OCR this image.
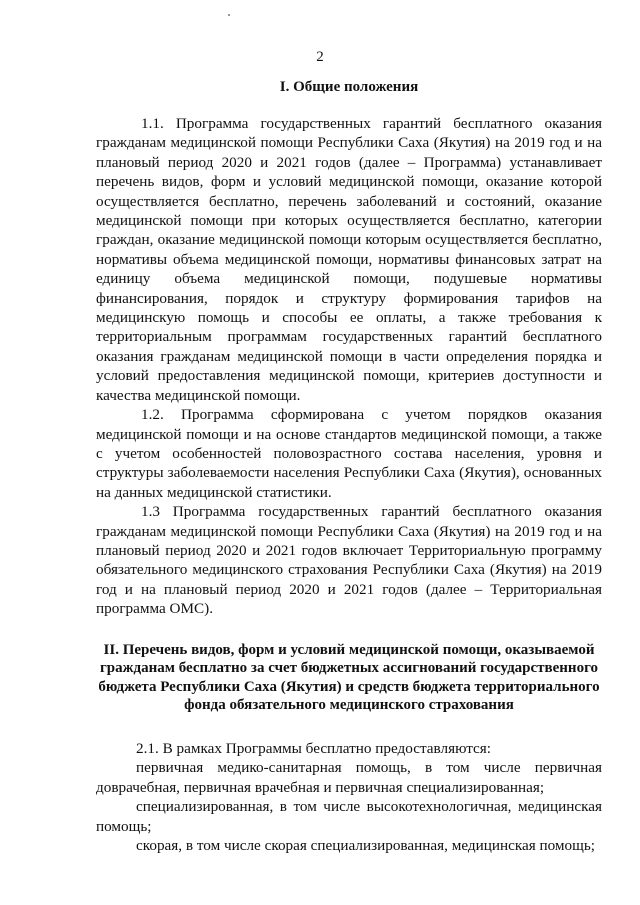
2
I. Общие положения

1.1. Программа государственных гарантий бесплатного оказания гражданам медицинской помощи Республики Саха (Якутия) на 2019 год и на плановый период 2020 и 2021 годов (далее – Программа) устанавливает перечень видов, форм и условий медицинской помощи, оказание которой осуществляется бесплатно, перечень заболеваний и состояний, оказание медицинской помощи при которых осуществляется бесплатно, категории граждан, оказание медицинской помощи которым осуществляется бесплатно, нормативы объема медицинской помощи, нормативы финансовых затрат на единицу объема медицинской помощи, подушевые нормативы финансирования, порядок и структуру формирования тарифов на медицинскую помощь и способы ее оплаты, а также требования к территориальным программам государственных гарантий бесплатного оказания гражданам медицинской помощи в части определения порядка и условий предоставления медицинской помощи, критериев доступности и качества медицинской помощи.

1.2. Программа сформирована с учетом порядков оказания медицинской помощи и на основе стандартов медицинской помощи, а также с учетом особенностей половозрастного состава населения, уровня и структуры заболеваемости населения Республики Саха (Якутия), основанных на данных медицинской статистики.

1.3 Программа государственных гарантий бесплатного оказания гражданам медицинской помощи Республики Саха (Якутия) на 2019 год и на плановый период 2020 и 2021 годов включает Территориальную программу обязательного медицинского страхования Республики Саха (Якутия) на 2019 год и на плановый период 2020 и 2021 годов (далее – Территориальная программа ОМС).

II. Перечень видов, форм и условий медицинской помощи, оказываемой гражданам бесплатно за счет бюджетных ассигнований государственного бюджета Республики Саха (Якутия) и средств бюджета территориального фонда обязательного медицинского страхования

2.1. В рамках Программы бесплатно предоставляются:

первичная медико-санитарная помощь, в том числе первичная доврачебная, первичная врачебная и первичная специализированная;

специализированная, в том числе высокотехнологичная, медицинская помощь;

скорая, в том числе скорая специализированная, медицинская помощь;
